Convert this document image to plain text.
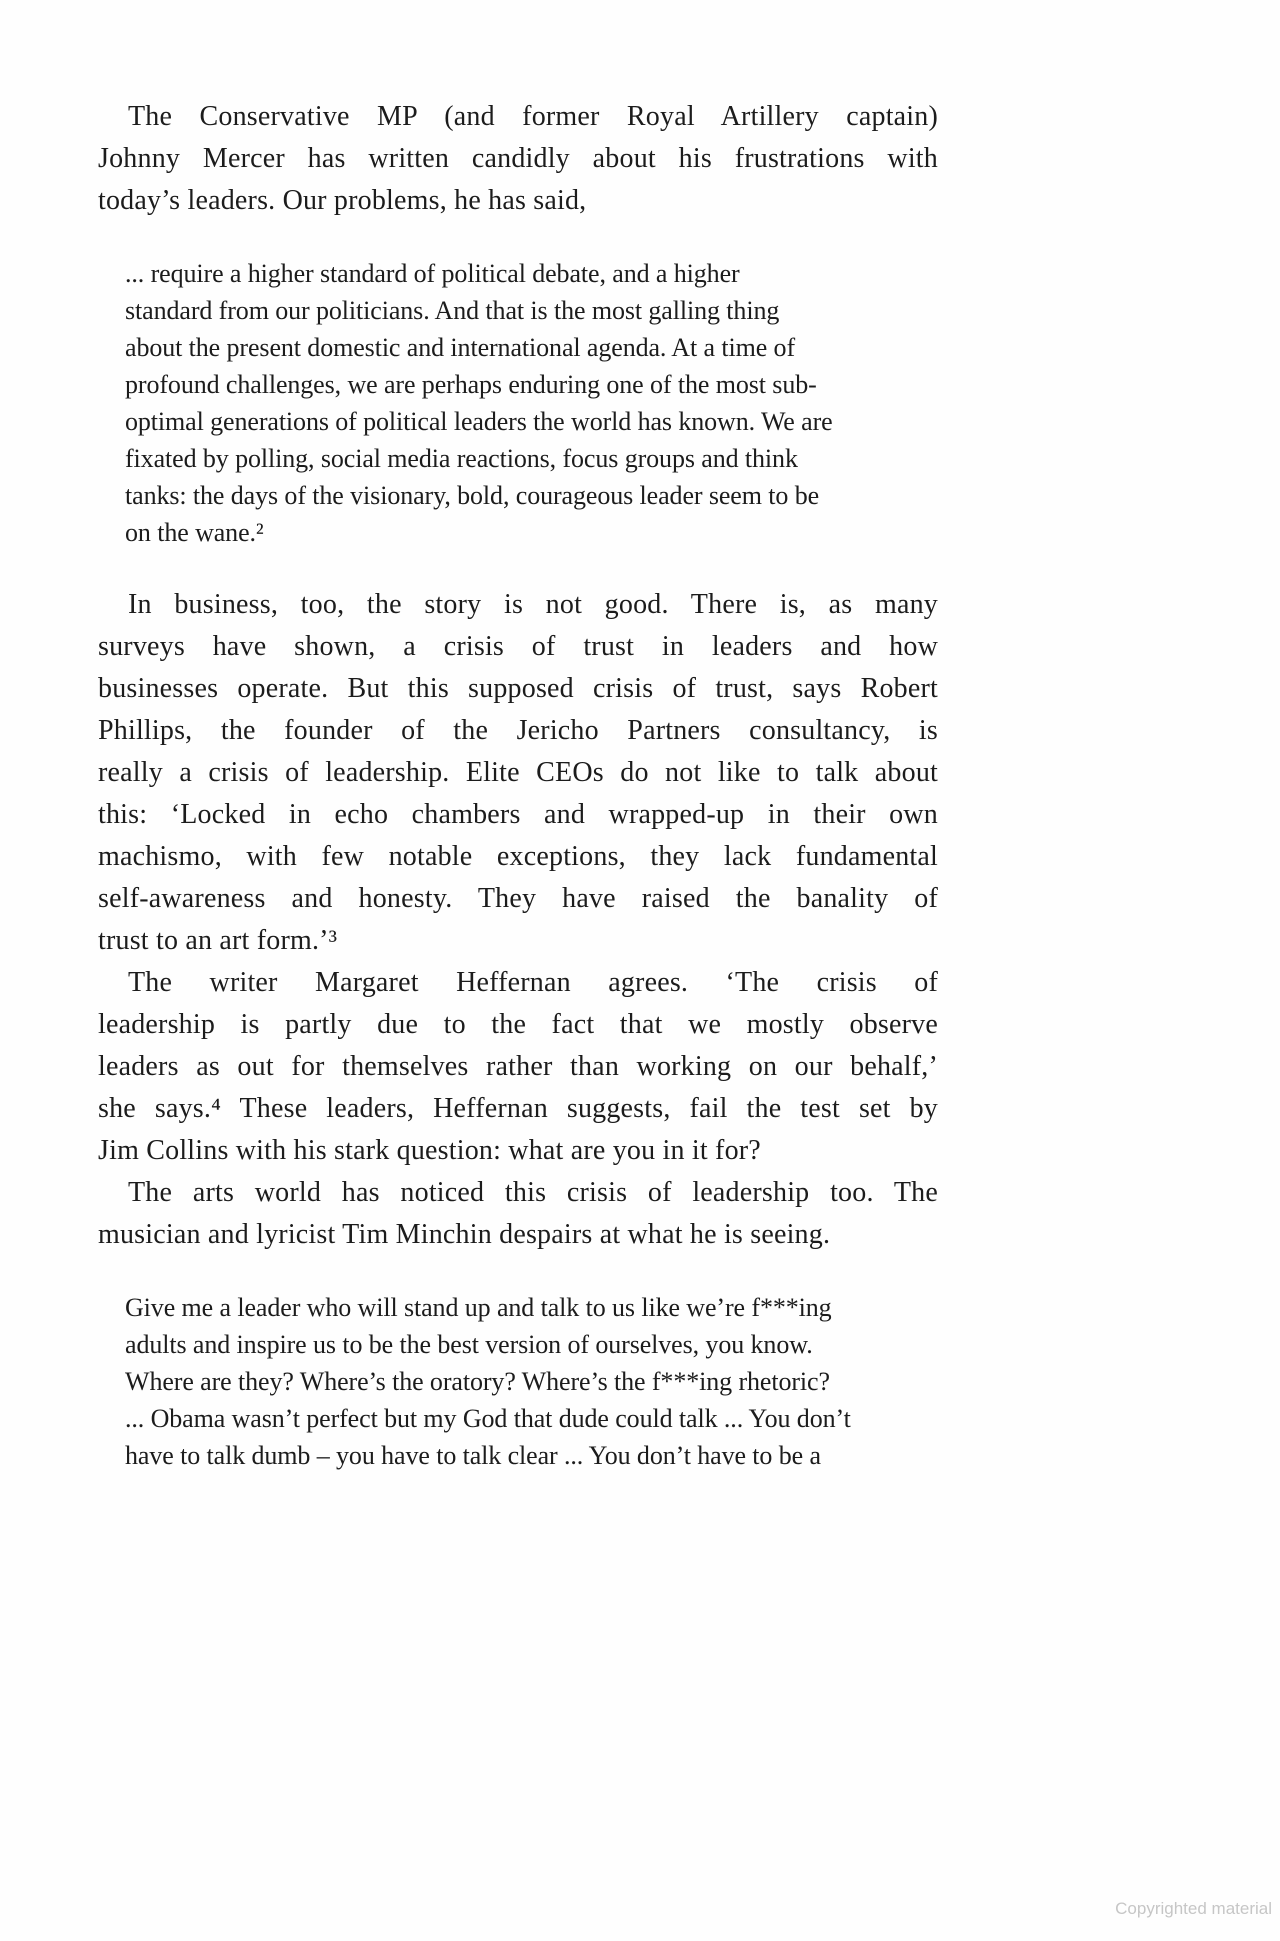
The Conservative MP (and former Royal Artillery captain)
Johnny Mercer has written candidly about his frustrations with
today’s leaders. Our problems, he has said,
... require a higher standard of political debate, and a higher
standard from our politicians. And that is the most galling thing
about the present domestic and international agenda. At a time of
profound challenges, we are perhaps enduring one of the most sub-
optimal generations of political leaders the world has known. We are
fixated by polling, social media reactions, focus groups and think
tanks: the days of the visionary, bold, courageous leader seem to be
on the wane.²
In business, too, the story is not good. There is, as many
surveys have shown, a crisis of trust in leaders and how
businesses operate. But this supposed crisis of trust, says Robert
Phillips, the founder of the Jericho Partners consultancy, is
really a crisis of leadership. Elite CEOs do not like to talk about
this: ‘Locked in echo chambers and wrapped-up in their own
machismo, with few notable exceptions, they lack fundamental
self-awareness and honesty. They have raised the banality of
trust to an art form.’³
The writer Margaret Heffernan agrees. ‘The crisis of
leadership is partly due to the fact that we mostly observe
leaders as out for themselves rather than working on our behalf,’
she says.⁴ These leaders, Heffernan suggests, fail the test set by
Jim Collins with his stark question: what are you in it for?
The arts world has noticed this crisis of leadership too. The
musician and lyricist Tim Minchin despairs at what he is seeing.
Give me a leader who will stand up and talk to us like we’re f***ing
adults and inspire us to be the best version of ourselves, you know.
Where are they? Where’s the oratory? Where’s the f***ing rhetoric?
... Obama wasn’t perfect but my God that dude could talk ... You don’t
have to talk dumb – you have to talk clear ... You don’t have to be a
Copyrighted material
